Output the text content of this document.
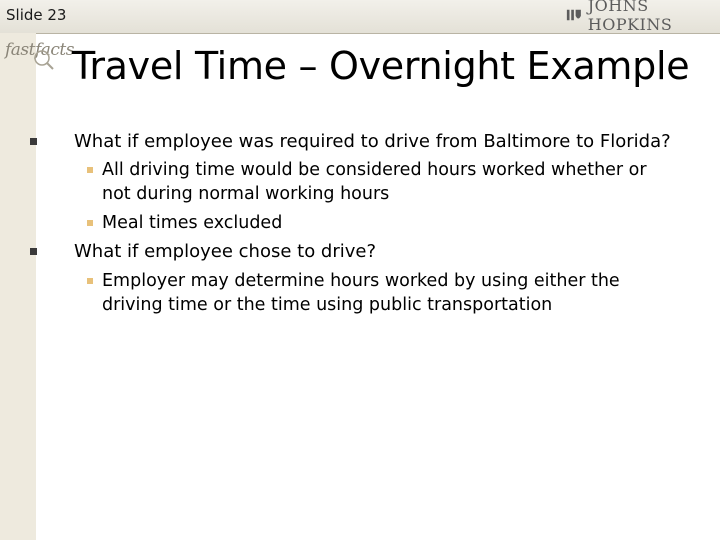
Slide 23	JOHNS HOPKINS
fastfacts
Travel Time – Overnight Example
What if employee was required to drive from Baltimore to Florida?
All driving time would be considered hours worked whether or
not during normal working hours
Meal times excluded
What if employee chose to drive?
Employer may determine hours worked by using either the
driving time or the time using public transportation
